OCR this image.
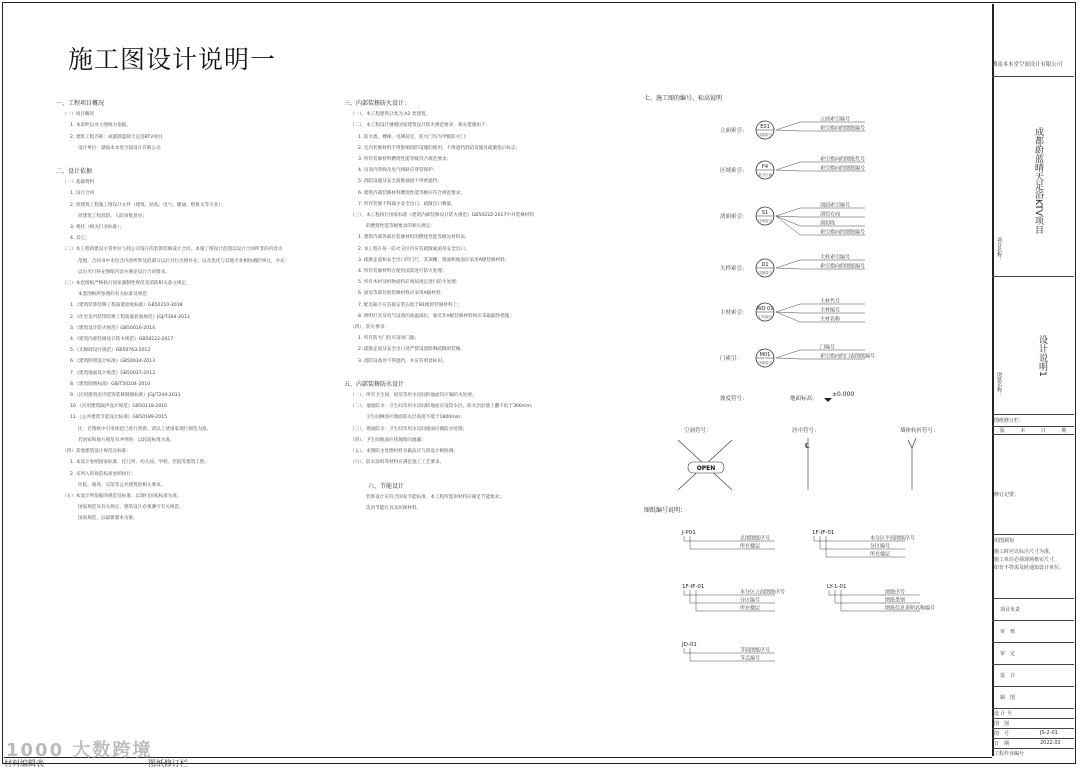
施工图设计说明一
一、工程项目概况
（一）项目概况
1. 本说明以业主图纸为依据。
2. 建筑工程名称：成都蔚蓝晴天足浴KTV项目
设计单位：湖南本本堂空间设计有限公司
二、设计依据
（一）基础资料
1. 设计合同
2. 原建筑工程施工图设计文件（建筑、结构、电气、暖通、给排水等专业）；
原建筑工程消防、人防审批意见；
3. 委托（相关行业标准）；
4. 其它；
（二）本工程的建设主管单位与我公司签订的装饰装修设计合同，本施工图设计范围以设计合同所非的内容为
范围，合同书中未包含内容所涉及的部分以后另行出图补充；以及优化与其他专业相协调的事宜，并充
以后另行补充图纸内容并满足设计合同要求。
（三）本套图纸严格执行国家强制性规范及消防相关条文规定。
本套图纸所参照的有关标准及规范：
1.《建筑装饰装修工程质量验收标准》GB50210-2018
2.《住宅室内装饰装修工程质量验收规范》JGJ/T304-2013
3.《建筑设计防火规范》GB50016-2014
4.《建筑内部装修设计防火规范》GB50222-2017
5.《无障碍设计规范》GB50763-2012
6.《建筑照明设计标准》GB50034-2013
7.《建筑地面设计规范》GB50037-2013
8.《建筑制图标准》GB/T50104-2010
9.《民用建筑室内装饰装修制图标准》JGJ/T244-2011
10.《民用建筑隔声设计规范》GB50118-2010
11.《公共建筑节能设计标准》GB50189-2015
注：若图纸中引用规范已进行更新，请以上述国家现行规范为准。
若国家和地方规范有冲突时，以较高标准为准。
（四）其他建筑设计规范及标准：
1. 本设计参照国家标准：托儿所、幼儿园、学校、医院等建筑工程；
2. 未列入的规范标准参照执行；
医院、商场、宾馆等公共建筑的相关要求。
（五）本设计所依据的规范及标准，以现行国家标准为准。
国家规范及有关规定，建筑设计必须遵守有关规范。
国家规范，以最新版本为准。
三、内部装修防火设计：
（一）、本工程建筑分类为 A2 类建筑。
（二）、本工程设计遵循国家建筑设计防火规范要求，相关措施如下：
1. 防火墙、楼梯、电梯前室，防火门均为甲级防火门；
2. 室内装修材料不得影响消防设施的使用，不得遮挡消防设施及疏散指示标志；
3. 所有装修材料燃烧性能等级符合规范要求；
4. 吊顶内管线及电气线路应穿管保护；
5. 消防设施及安全疏散通道不得被遮挡；
6. 建筑内部装修材料燃烧性能等级应符合规范要求；
7. 所有装修不得减少安全出口、疏散出口数量。
（三）、本工程执行国家标准《建筑内部装修设计防火规范》GB50222-2017中对装修材料
的燃烧性能等级要求的相关规定：
1. 建筑内部各部位装修材料的燃烧性能等级见材料表。
2. 本工程在每一防火分区内应有疏散通道及安全出口。
3. 疏散走道和安全出口的门厅，其顶棚、墙面和地面应采用A级装修材料；
4. 所有装修材料在使用前需进行防火处理；
5. 所有木材及织物面料必须按规定进行防火处理；
6. 厨房等部位的装修材料应采用A级材料；
7. 配电箱不应直接安装在低于B1级的装修材料上；
8. 照明灯具及电气设备的高温部位，靠近非A级装修材料时应采取隔热措施；
（四）、防火要求：
1. 所有防火门均应设闭门器；
2. 疏散走道及安全出口处严禁设置影响疏散的装修。
3. 消防设备处不得遮挡，并应有明显标识。
五、内部装修防水设计
（一）、所有卫生间、厨房等用水房间的地面均应做防水处理；
（二）、地面防水：卫生间等用水房间的地面应设防水层，防水层沿墙上翻不低于300mm；
卫生间淋浴区墙面防水层高度不低于1800mm；
（三）、墙面防水：卫生间等用水房间墙面应做防水处理；
（四）、卫生间地面应找坡坡向地漏；
（五）、本图防水处理材料及做法应与原设计相协调；
（六）、防水涂料等材料应满足施工工艺要求。
六、节能设计
装饰设计应符合国家节能标准，本工程所选用材料应满足节能要求；
选用节能灯具及环保材料。
七、施工图的编号、标高说明
立面索引：
E01
详图索引
立面索引编号
索引指向的图纸编号
区域索引：
F4
索引区域
索引指向的图纸代号
索引指向的图纸编号
剖面索引：
S1
详图索引
剖面索引编号
剖切方向
剖切线
索引指向的图纸编号
大样索引：
D1
详图索引
大样索引编号
索引指向的图纸编号
主材索引：
WD 01
主材编号
主材代号
主材编号
主材名称
门索引：
M01
详图索引
门编号
索引指向的门表图纸编号
坡度符号：	地面标高：
±0.000
空洞符号：	居中符号：	墙体转折符号：
OPEN
℄
图纸编号说明：
J-P01
总图图纸序号
所在楼层
1F-IF-01
本分区平面图纸序号
分区编号
所在楼层
1F-IF-01
本分区立面图纸序号
分区编号
所在楼层
LY-1-01
图纸序号
图纸类别
图纸信息说明名称编号
JD-01
节面图纸序号
节点编号
材料编辑表	图纸修订栏
湖南本本堂空间设计有限公司
项目名称：
成都蔚蓝晴天足浴KTV项目
图纸名称：
设计说明1
图纸修订栏：
版	本	日	期
修订记要：
用图须知
施工时应以标注尺寸为准，
施工单位必须现场核实尺寸，
如有不符需及时通知设计单位。
项目负责
审　核
审　定
设　计
制　图
设 计 号
图　别
图　号	JS-2-01
日　期	2022.02
工程作业编号
1000 大数跨境
